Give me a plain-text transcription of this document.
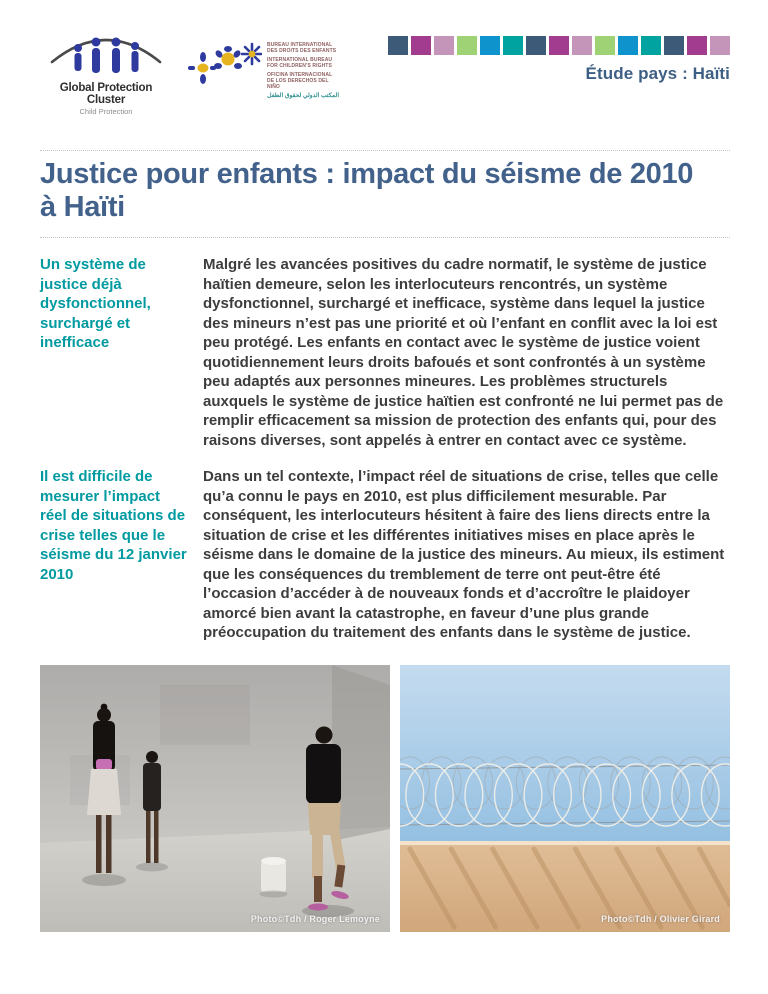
Global Protection Cluster
Child Protection
BUREAU INTERNATIONAL DES DROITS DES ENFANTS
INTERNATIONAL BUREAU FOR CHILDREN’S RIGHTS
OFICINA INTERNACIONAL DE LOS DERECHOS DEL NIÑO
المكتب الدولي لحقوق الطفل
Étude pays : Haïti
Justice pour enfants : impact du séisme de 2010 à Haïti
Un système de justice déjà dysfonctionnel, surchargé et inefficace
Malgré les avancées positives du cadre normatif, le système de justice haïtien demeure, selon les interlocuteurs rencontrés, un système dysfonctionnel, surchargé et inefficace, système dans lequel la justice des mineurs n’est pas une priorité et où l’enfant en conflit avec la loi est peu protégé. Les enfants en contact avec le système de justice voient quotidiennement leurs droits bafoués et sont confrontés à un système peu adaptés aux personnes mineures. Les problèmes structurels auxquels le système de justice haïtien est confronté ne lui permet pas de remplir efficacement sa mission de protection des enfants qui, pour des raisons diverses, sont appelés à entrer en contact avec ce système.
Il est difficile de mesurer l’impact réel de situations de crise telles que le séisme du 12 janvier 2010
Dans un tel contexte, l’impact réel de situations de crise, telles que celle qu’a connu le pays en 2010, est plus difficilement mesurable. Par conséquent, les interlocuteurs hésitent à faire des liens directs entre la situation de crise et les différentes initiatives mises en place après le séisme dans le domaine de la justice des mineurs. Au mieux, ils estiment que les conséquences du tremblement de terre ont peut-être été l’occasion d’accéder à de nouveaux fonds et d’accroître le plaidoyer amorcé bien avant la catastrophe, en faveur d’une plus grande préoccupation du traitement des enfants dans le système de justice.
Photo©Tdh / Roger Lemoyne	Photo©Tdh / Olivier Girard
